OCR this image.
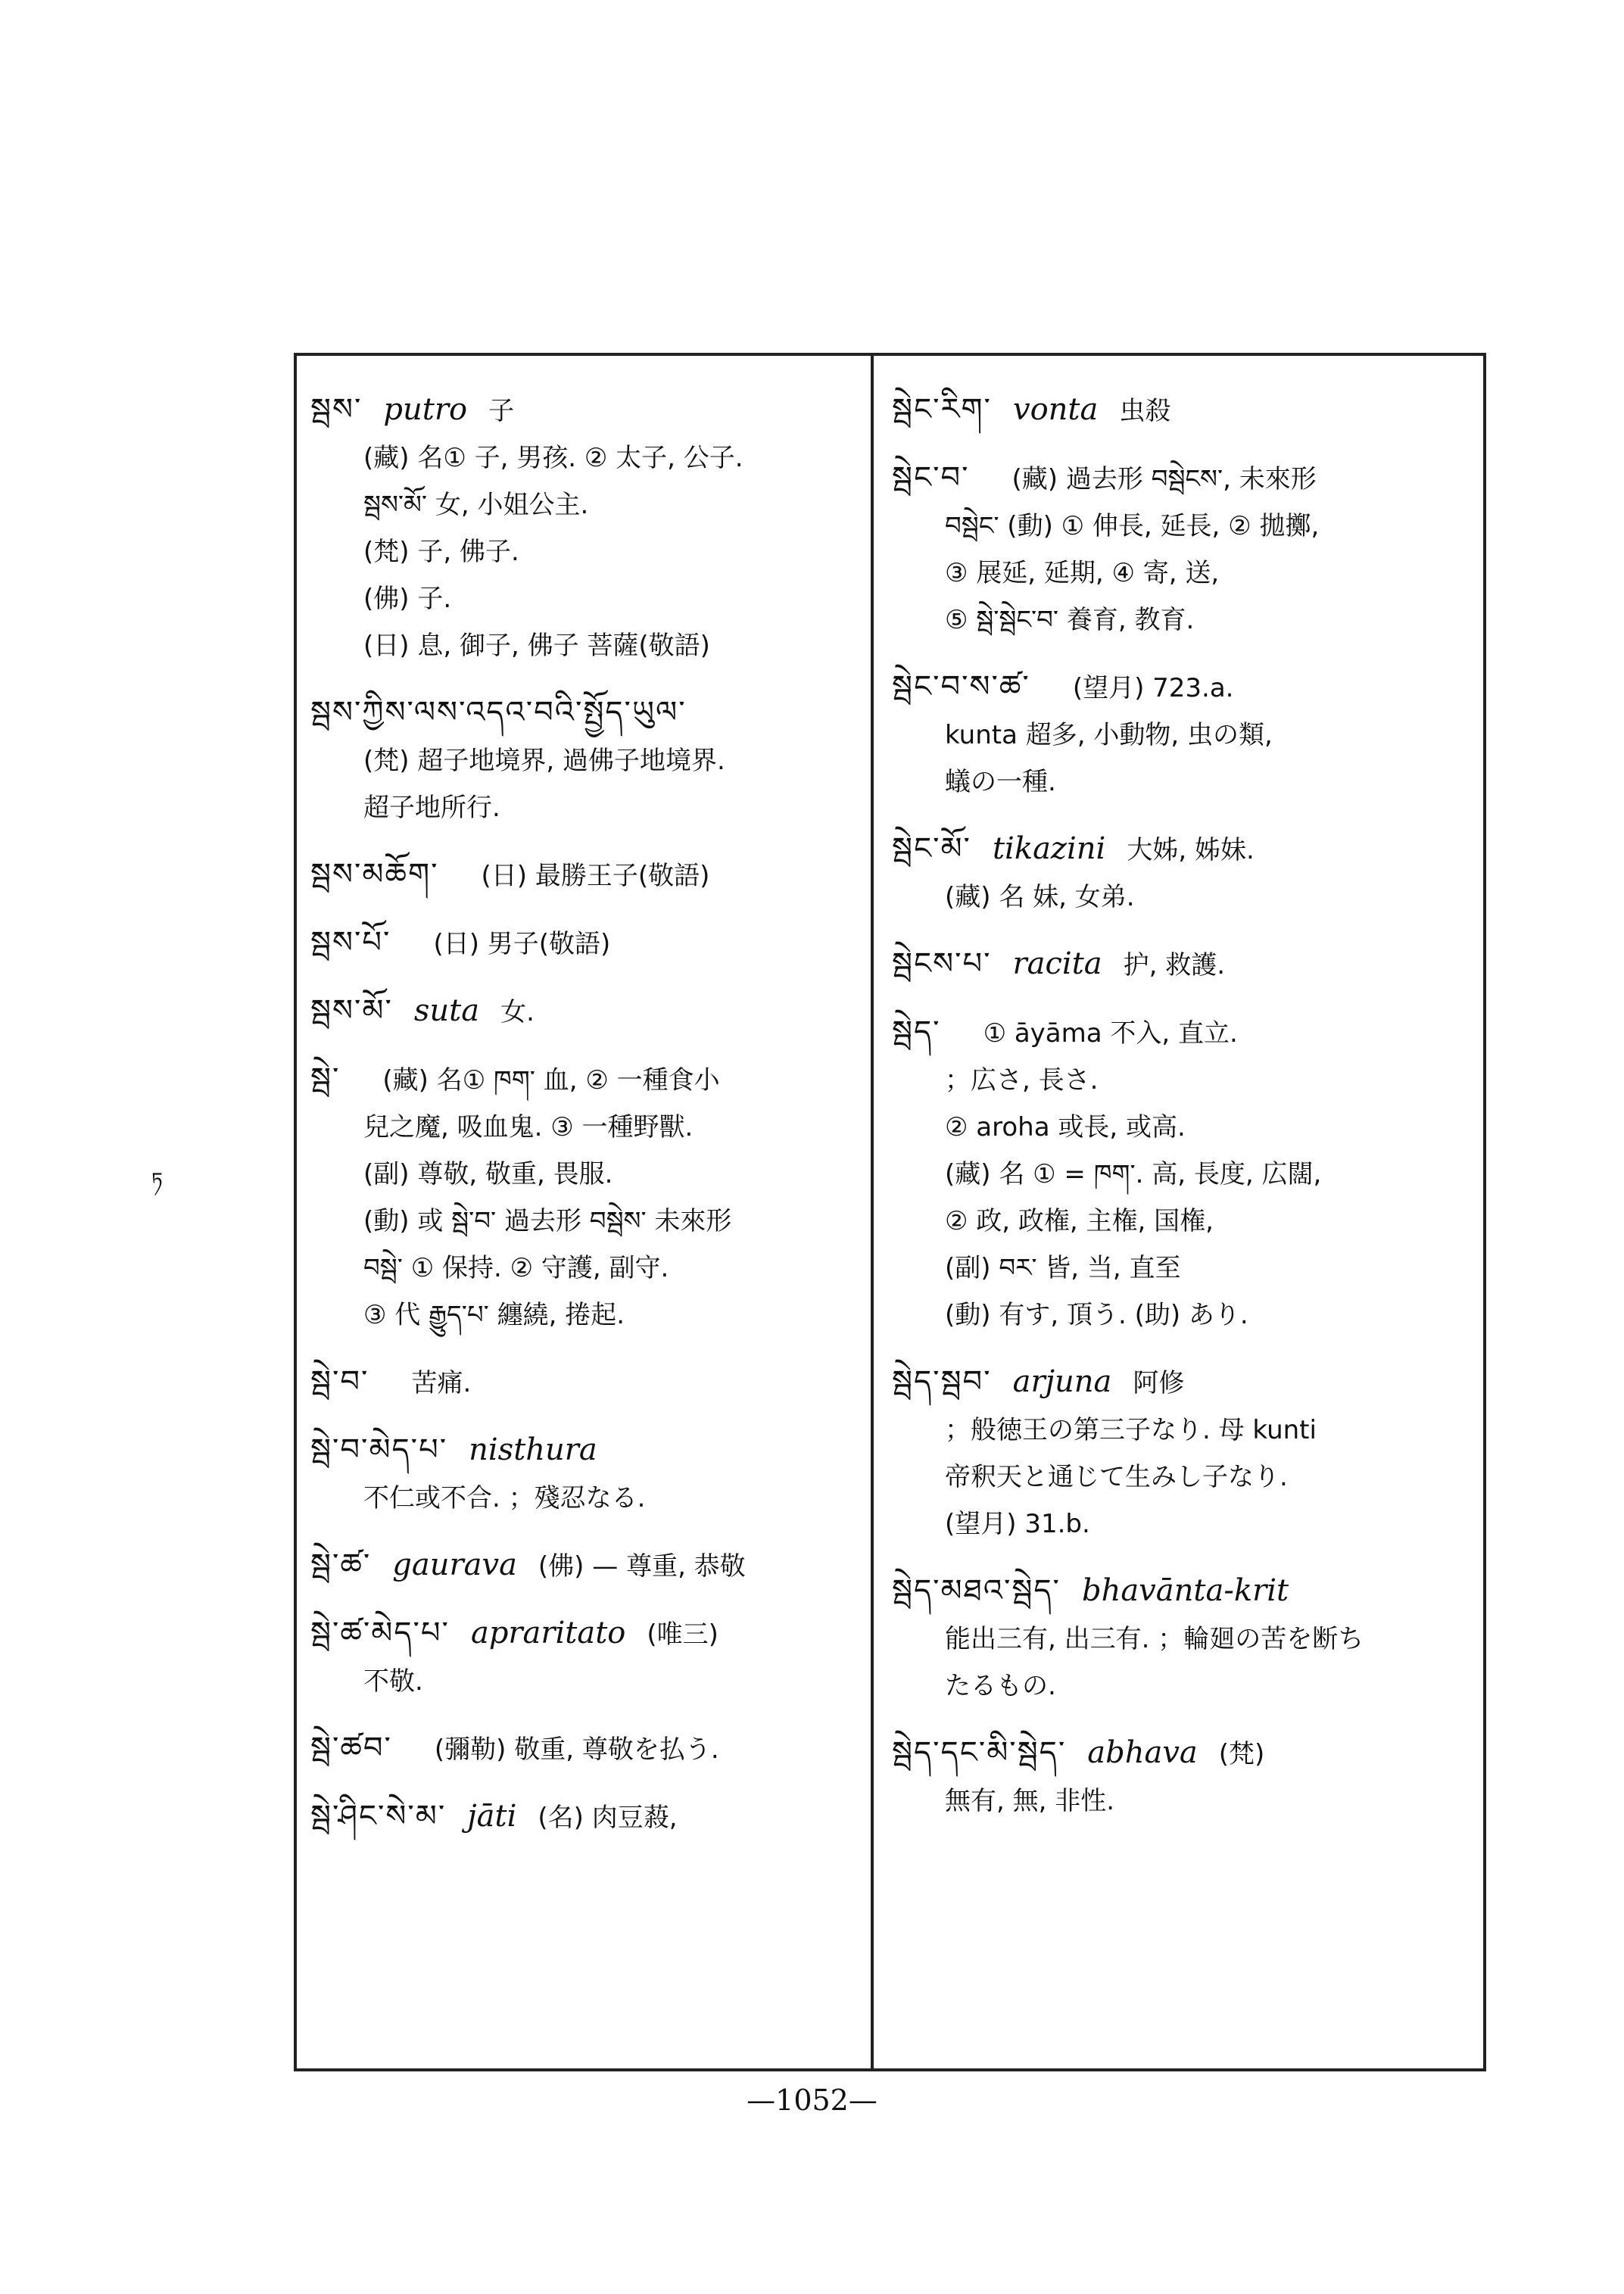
ཏ
སྦས་ putro 子
(藏) 名① 子, 男孩. ② 太子, 公子.
སྦས་མོ་ 女, 小姐公主.
(梵) 子, 佛子.
(佛) 子.
(日) 息, 御子, 佛子 菩薩(敬語)
སྦས་ཀྱིས་ལས་འདའ་བའི་སྤྱོད་ཡུལ་
(梵) 超子地境界, 過佛子地境界.
超子地所行.
སྦས་མཆོག་ (日) 最勝王子(敬語)
སྦས་པོ་ (日) 男子(敬語)
སྦས་མོ་ suta 女.
སྦེ་ (藏) 名① ཁག་ 血, ② 一種食小
兒之魔, 吸血鬼. ③ 一種野獸.
(副) 尊敬, 敬重, 畏服.
(動) 或 སྦེ་བ་ 過去形 བསྦེས་ 未來形
བསྦེ་ ① 保持. ② 守護, 副守.
③ 代 རྒྱུད་པ་ 纏繞, 捲起.
སྦེ་བ་ 苦痛.
སྦེ་བ་མེད་པ་ nisthura
不仁或不合. ；殘忍なる.
སྦེ་ཚ་ gaurava (佛) — 尊重, 恭敬
སྦེ་ཚ་མེད་པ་ apraritato (唯三)
不敬.
སྦེ་ཚབ་ (彌勒) 敬重, 尊敬を払う.
སྦེ་ཤིང་སེ་མ་ jāti (名) 肉豆蔱,
སྦེང་རིག་ vonta 虫殺
སྦེང་བ་ (藏) 過去形 བསྦེངས་, 未來形
བསྦེང་ (動) ① 伸長, 延長, ② 拋擲,
③ 展延, 延期, ④ 寄, 送,
⑤ སྦེ་སྦེང་བ་ 養育, 教育.
སྦེང་བ་ས་ཚ་ (望月) 723.a.
kunta 超多, 小動物, 虫の類,
蟻の一種.
སྦེང་མོ་ tikazini 大姊, 姊妹.
(藏) 名 妹, 女弟.
སྦེངས་པ་ racita 护, 救護.
སྦེད་ ① āyāma 不入, 直立.
；広さ, 長さ.
② aroha 或長, 或高.
(藏) 名 ① = ཁག་. 高, 長度, 広闊,
② 政, 政権, 主権, 国権,
(副) བར་ 皆, 当, 直至
(動) 有す, 頂う. (助) あり.
སྦེད་སྦབ་ arjuna 阿修
；般徳王の第三子なり. 母 kunti
帝釈天と通じて生みし子なり.
(望月) 31.b.
སྦེད་མཐའ་སྦེད་ bhavānta-krit
能出三有, 出三有. ；輪廻の苦を断ち
たるもの.
སྦེད་དང་མི་སྦེད་ abhava (梵)
無有, 無, 非性.
—1052—
